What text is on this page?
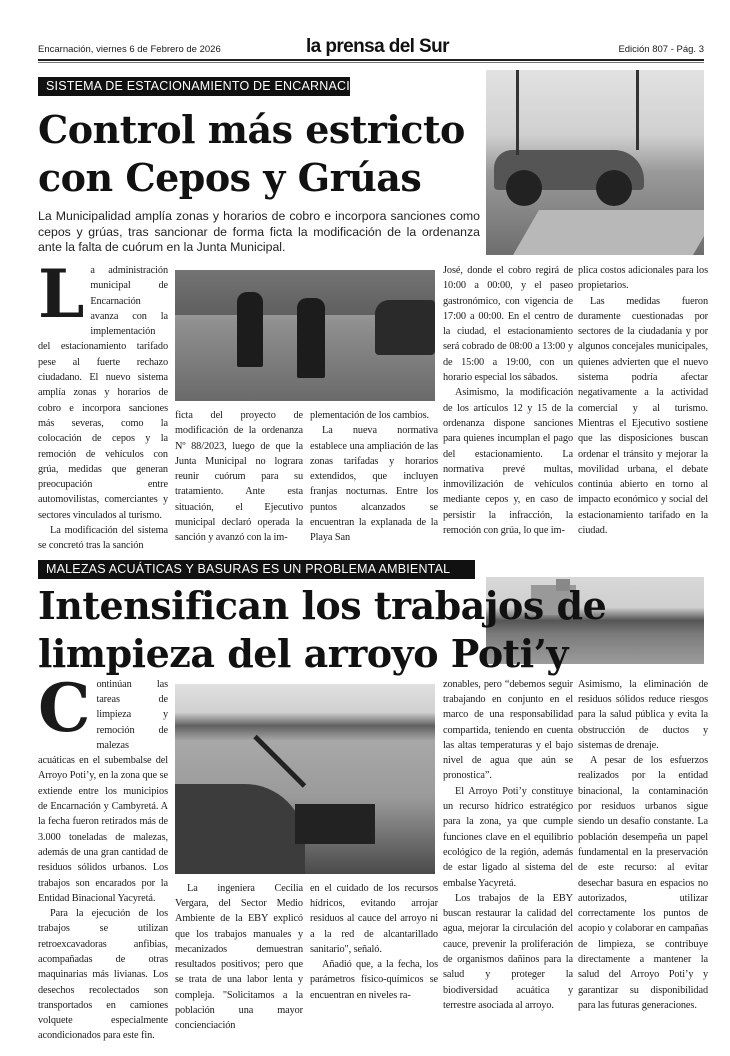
Encarnación, viernes 6 de Febrero de 2026	la prensa del Sur	Edición 807 - Pág. 3
SISTEMA DE ESTACIONAMIENTO DE ENCARNACIÓN
Control más estricto
con Cepos y Grúas
La Municipalidad amplía zonas y horarios de cobro e incorpora sanciones como cepos y grúas, tras sancionar de forma ficta la modificación de la ordenanza ante la falta de cuórum en la Junta Municipal.
L a administración municipal de Encarnación avanza con la implementación del estacionamiento tarifado pese al fuerte rechazo ciudadano. El nuevo sistema amplía zonas y horarios de cobro e incorpora sanciones más severas, como la colocación de cepos y la remoción de vehículos con grúa, medidas que generan preocupación entre automovilistas, comerciantes y sectores vinculados al turismo.

La modificación del sistema se concretó tras la sanción

ficta del proyecto de modificación de la ordenanza Nº 88/2023, luego de que la Junta Municipal no lograra reunir cuórum para su tratamiento. Ante esta situación, el Ejecutivo municipal declaró operada la sanción y avanzó con la im-

plementación de los cambios.

La nueva normativa establece una ampliación de las zonas tarifadas y horarios extendidos, que incluyen franjas nocturnas. Entre los puntos alcanzados se encuentran la explanada de la Playa San

José, donde el cobro regirá de 10:00 a 00:00, y el paseo gastronómico, con vigencia de 17:00 a 00:00. En el centro de la ciudad, el estacionamiento será cobrado de 08:00 a 13:00 y de 15:00 a 19:00, con un horario especial los sábados.

Asimismo, la modificación de los artículos 12 y 15 de la ordenanza dispone sanciones para quienes incumplan el pago del estacionamiento. La normativa prevé multas, inmovilización de vehículos mediante cepos y, en caso de persistir la infracción, la remoción con grúa, lo que im-

plica costos adicionales para los propietarios.

Las medidas fueron duramente cuestionadas por sectores de la ciudadanía y por algunos concejales municipales, quienes advierten que el nuevo sistema podría afectar negativamente a la actividad comercial y al turismo. Mientras el Ejecutivo sostiene que las disposiciones buscan ordenar el tránsito y mejorar la movilidad urbana, el debate continúa abierto en torno al impacto económico y social del estacionamiento tarifado en la ciudad.

MALEZAS ACUÁTICAS Y BASURAS ES UN PROBLEMA AMBIENTAL
Intensifican los trabajos de
limpieza del arroyo Poti’y
C ontinúan las tareas de limpieza y remoción de malezas acuáticas en el subembalse del Arroyo Poti’y, en la zona que se extiende entre los municipios de Encarnación y Cambyretá. A la fecha fueron retirados más de 3.000 toneladas de malezas, además de una gran cantidad de residuos sólidos urbanos. Los trabajos son encarados por la Entidad Binacional Yacyretá.

Para la ejecución de los trabajos se utilizan retroexcavadoras anfibias, acompañadas de otras maquinarias más livianas. Los desechos recolectados son transportados en camiones volquete especialmente acondicionados para este fin.

La ingeniera Cecilia Vergara, del Sector Medio Ambiente de la EBY explicó que los trabajos manuales y mecanizados demuestran resultados positivos; pero que se trata de una labor lenta y compleja. "Solicitamos a la población una mayor concienciación

en el cuidado de los recursos hídricos, evitando arrojar residuos al cauce del arroyo ni a la red de alcantarillado sanitario", señaló.

Añadió que, a la fecha, los parámetros físico-químicos se encuentran en niveles ra-

zonables, pero “debemos seguir trabajando en conjunto en el marco de una responsabilidad compartida, teniendo en cuenta las altas temperaturas y el bajo nivel de agua que aún se pronostica”.

El Arroyo Poti’y constituye un recurso hídrico estratégico para la zona, ya que cumple funciones clave en el equilibrio ecológico de la región, además de estar ligado al sistema del embalse Yacyretá.

Los trabajos de la EBY buscan restaurar la calidad del agua, mejorar la circulación del cauce, prevenir la proliferación de organismos dañinos para la salud y proteger la biodiversidad acuática y terrestre asociada al arroyo.

Asimismo, la eliminación de residuos sólidos reduce riesgos para la salud pública y evita la obstrucción de ductos y sistemas de drenaje.

A pesar de los esfuerzos realizados por la entidad binacional, la contaminación por residuos urbanos sigue siendo un desafío constante. La población desempeña un papel fundamental en la preservación de este recurso: al evitar desechar basura en espacios no autorizados, utilizar correctamente los puntos de acopio y colaborar en campañas de limpieza, se contribuye directamente a mantener la salud del Arroyo Poti’y y garantizar su disponibilidad para las futuras generaciones.
